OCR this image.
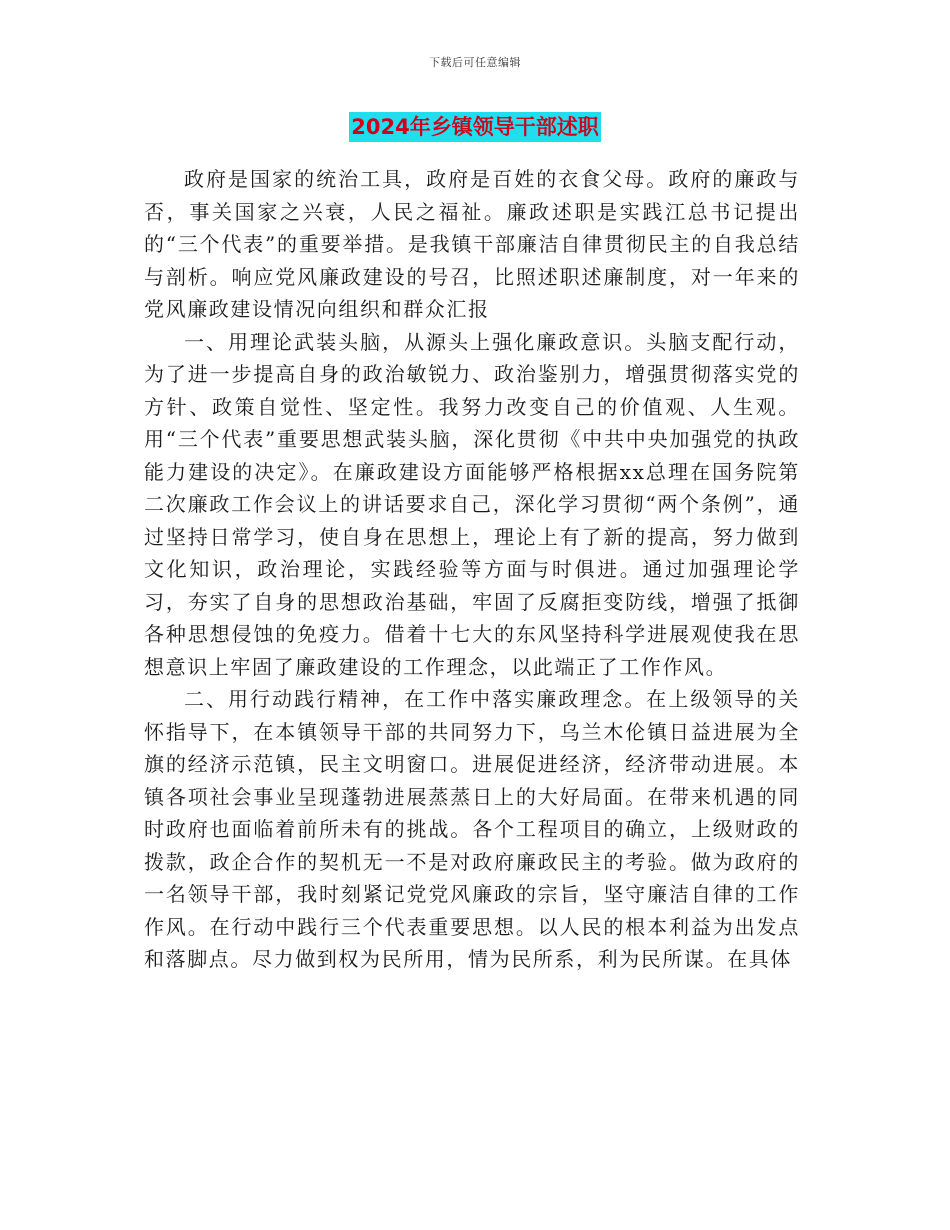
下载后可任意编辑
2024年乡镇领导干部述职

政府是国家的统治工具，政府是百姓的衣食父母。政府的廉政与否，事关国家之兴衰，人民之福祉。廉政述职是实践江总书记提出的“三个代表”的重要举措。是我镇干部廉洁自律贯彻民主的自我总结与剖析。响应党风廉政建设的号召，比照述职述廉制度，对一年来的党风廉政建设情况向组织和群众汇报

一、用理论武装头脑，从源头上强化廉政意识。头脑支配行动，为了进一步提高自身的政治敏锐力、政治鉴别力，增强贯彻落实党的方针、政策自觉性、坚定性。我努力改变自己的价值观、人生观。用“三个代表”重要思想武装头脑，深化贯彻《中共中央加强党的执政能力建设的决定》。在廉政建设方面能够严格根据xx总理在国务院第二次廉政工作会议上的讲话要求自己，深化学习贯彻“两个条例”，通过坚持日常学习，使自身在思想上，理论上有了新的提高，努力做到文化知识，政治理论，实践经验等方面与时俱进。通过加强理论学习，夯实了自身的思想政治基础，牢固了反腐拒变防线，增强了抵御各种思想侵蚀的免疫力。借着十七大的东风坚持科学进展观使我在思想意识上牢固了廉政建设的工作理念，以此端正了工作作风。

二、用行动践行精神，在工作中落实廉政理念。在上级领导的关怀指导下，在本镇领导干部的共同努力下，乌兰木伦镇日益进展为全旗的经济示范镇，民主文明窗口。进展促进经济，经济带动进展。本镇各项社会事业呈现蓬勃进展蒸蒸日上的大好局面。在带来机遇的同时政府也面临着前所未有的挑战。各个工程项目的确立，上级财政的拨款，政企合作的契机无一不是对政府廉政民主的考验。做为政府的一名领导干部，我时刻紧记党党风廉政的宗旨，坚守廉洁自律的工作作风。在行动中践行三个代表重要思想。以人民的根本利益为出发点和落脚点。尽力做到权为民所用，情为民所系，利为民所谋。在具体
